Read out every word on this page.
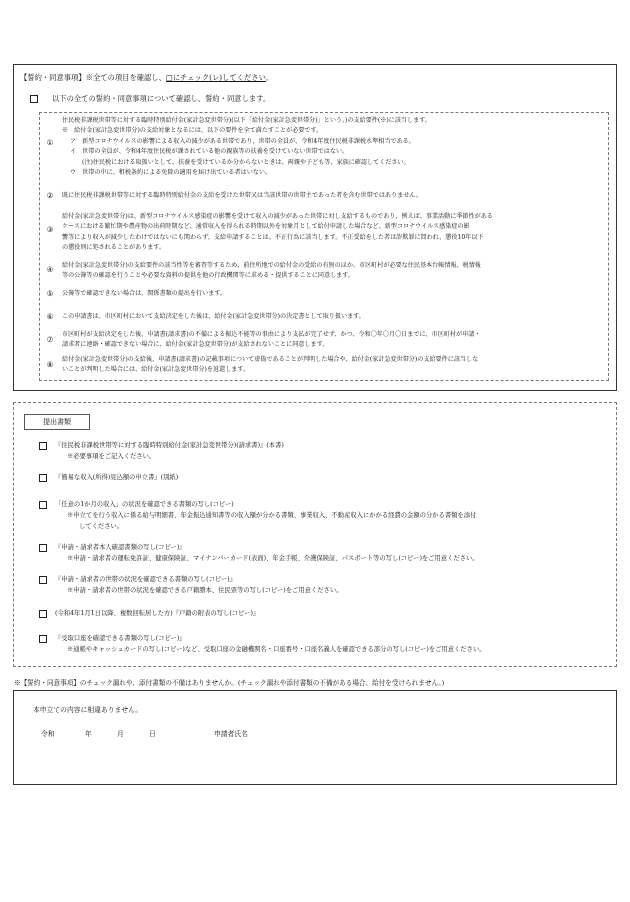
【誓約・同意事項】※全ての項目を確認し、□にチェック(レ)してください。
以下の全ての誓約・同意事項について確認し、誓約・同意します。
①
住民税非課税世帯等に対する臨時特別給付金(家計急変世帯分)(以下「給付金(家計急変世帯分)」という。)の支給要件(※)に該当します。
※　給付金(家計急変世帯分)の支給対象となるには、以下の要件を全て満たすことが必要です。
ア　新型コロナウイルスの影響による収入の減少がある世帯であり、世帯の全員が、令和4年度住民税非課税水準相当である。
イ　世帯の全員が、令和4年度住民税が課されている他の親族等の扶養を受けていない世帯ではない。
(注)住民税における取扱いとして、扶養を受けているか分からないときは、両親や子ども等、家族に確認してください。
ウ　世帯の中に、租税条約による免除の適用を届け出ている者はいない。
②	既に住民税非課税世帯等に対する臨時特別給付金の支給を受けた世帯又は当該世帯の世帯主であった者を含む世帯ではありません。
③
給付金(家計急変世帯分)は、新型コロナウイルス感染症の影響を受けて収入の減少があった世帯に対し支給するものであり、例えば、事業活動に季節性がある
ケースにおける繁忙期や農産物の出荷時期など、通常収入を得られる時期以外を対象月として給付申請した場合など、新型コロナウイルス感染症の影
響等により収入が減少したわけではないにも関わらず、支給申請することは、不正行為に該当します。不正受給をした者は詐欺罪に問われ、懲役10年以下
の懲役刑に処されることがあります。
④	給付金(家計急変世帯分)の支給要件の該当性等を審査等するため、前住所地での給付金の受給の有無のほか、市区町村が必要な住民基本台帳情報、税情報
等の公簿等の確認を行うことや必要な資料の提供を他の行政機関等に求める・提供することに同意します。
⑤	公簿等で確認できない場合は、関係書類の提出を行います。
⑥	この申請書は、市区町村において支給決定をした後は、給付金(家計急変世帯分)の決定書として取り扱います。
⑦
市区町村が支給決定をした後、申請書(請求書)の不備による振込不能等の事由により支払が完了せず、かつ、令和〇年〇月〇日までに、市区町村が申請・
請求者に連絡・確認できない場合に、給付金(家計急変世帯分)が支給されないことに同意します。
⑧
給付金(家計急変世帯分)の支給後、申請書(請求書)の記載事項について虚偽であることが判明した場合や、給付金(家計急変世帯分)の支給要件に該当しな
いことが判明した場合には、給付金(家計急変世帯分)を返還します。
提出書類
『住民税非課税世帯等に対する臨時特別給付金(家計急変世帯分)(請求書)』(本書)
※必要事項をご記入ください。
『簡易な収入(所得)見込額の申立書』(別紙)
「任意の1か月の収入」の状況を確認できる書類の写し(コピー)
※申立てを行う収入に係る給与明細書、年金振込通知書等の収入額が分かる書類、事業収入、不動産収入にかかる経費の金額の分かる書類を添付
してください。
『申請・請求者本人確認書類の写し(コピー)』
※申請・請求者の運転免許証、健康保険証、マイナンバーカード(表面)、年金手帳、介護保険証、パスポート等の写し(コピー)をご用意ください。
『申請・請求者の世帯の状況を確認できる書類の写し(コピー)』
※申請・請求者の世帯の状況を確認できる戸籍謄本、住民票等の写し(コピー)をご用意ください。
(令和4年1月1日以降、複数回転居した方)『戸籍の附表の写し(コピー)』
『受取口座を確認できる書類の写し(コピー)』
※通帳やキャッシュカードの写し(コピー)など、受取口座の金融機関名・口座番号・口座名義人を確認できる部分の写し(コピー)をご用意ください。
※【誓約・同意事項】のチェック漏れや、添付書類の不備はありませんか。(チェック漏れや添付書類の不備がある場合、給付を受けられません。)
本申立ての内容に相違ありません。
令和	年	月	日	申請者氏名
